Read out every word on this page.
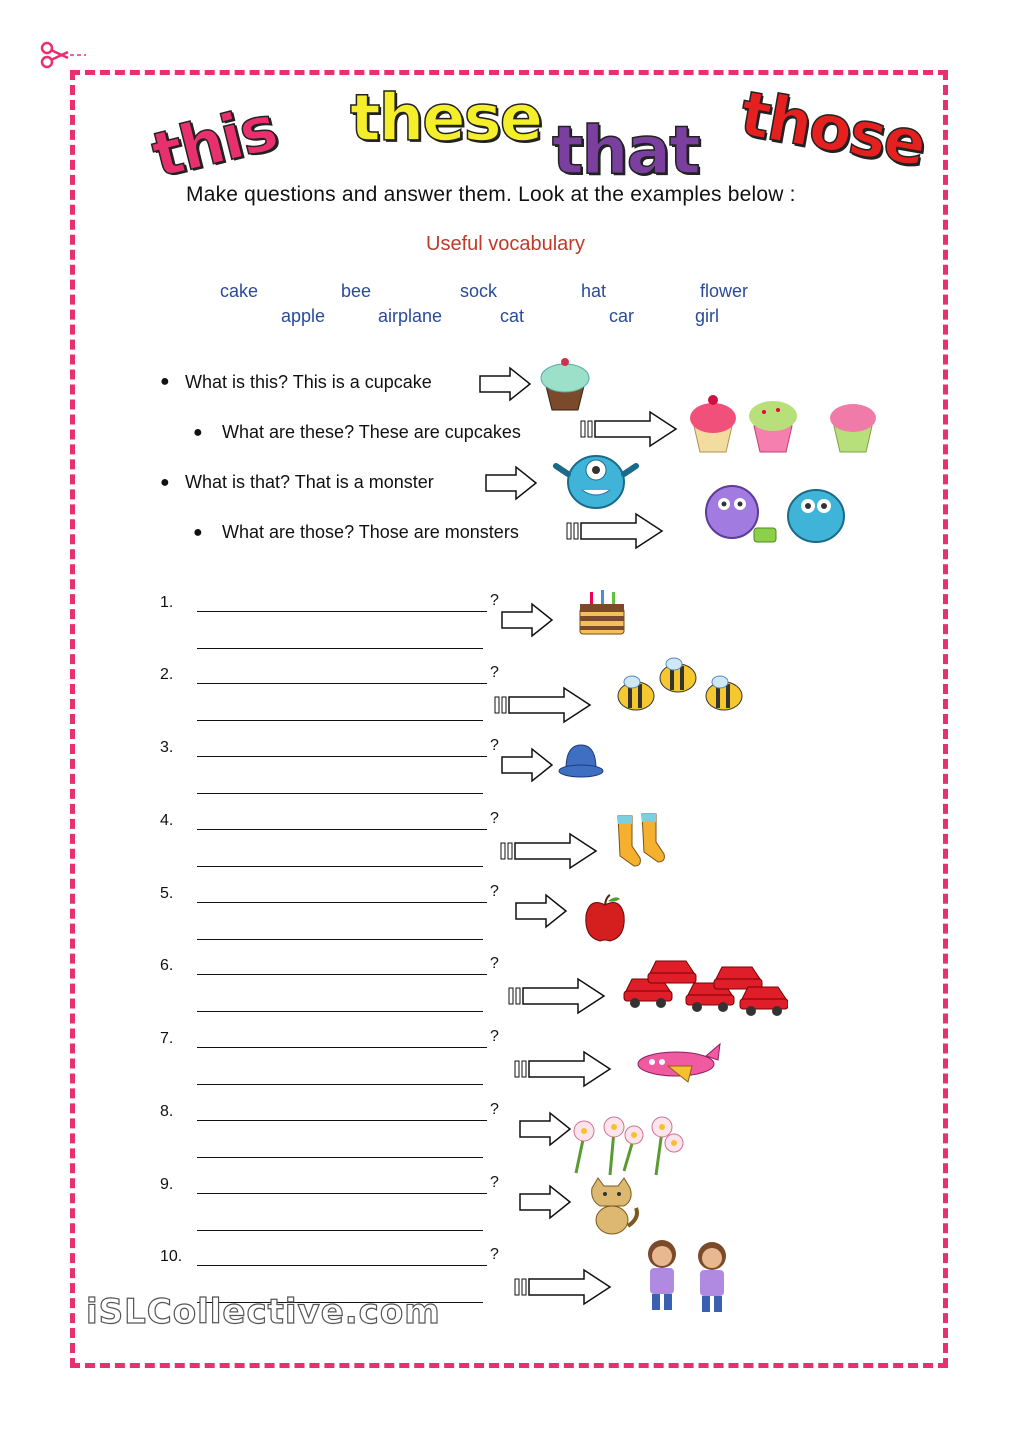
this these that those
Make questions and answer them. Look at the examples below :
Useful vocabulary
cake	bee	sock	hat	flower
apple	airplane	cat	car	girl
● What is this? This is a cupcake
● What are these? These are cupcakes
● What is that? That is a monster
● What are those? Those are monsters
1.	?
2.	?
3.	?
4.	?
5.	?
6.	?
7.	?
8.	?
9.	?
10.	?
iSLCollective.com
